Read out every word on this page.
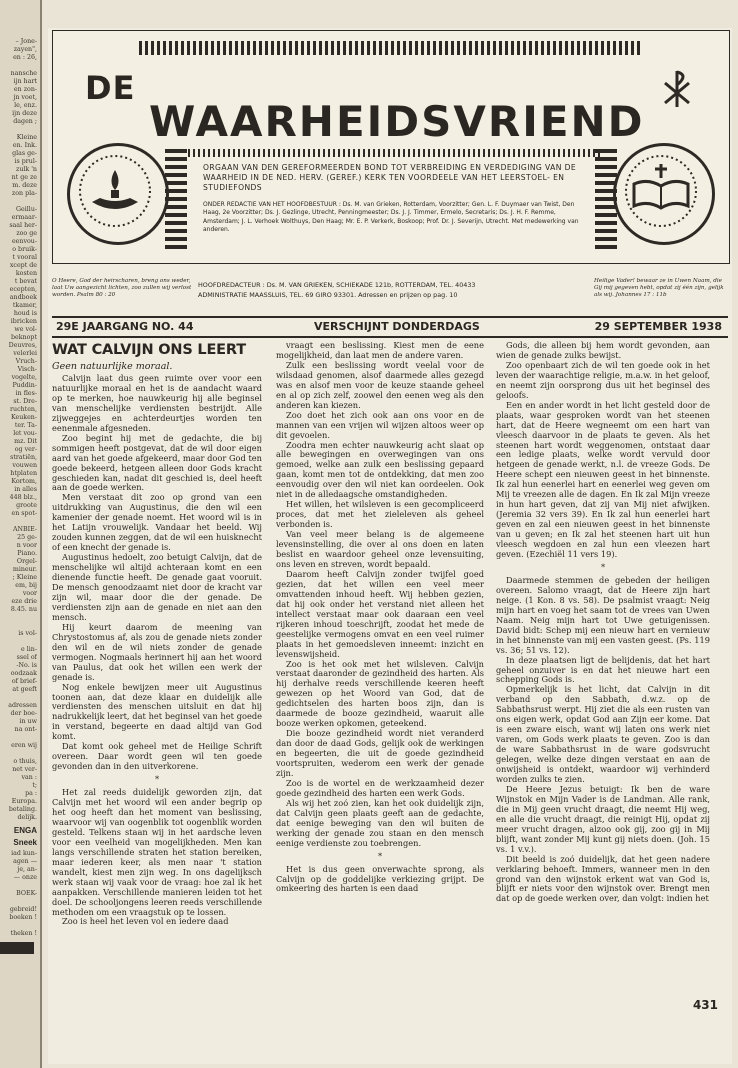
– Jone-
zayen",
en : 26,
nansche
ijn hart
en zon-
jn voet,
le, enz.
ijn deze
dagen ;
Kleine
en. Ink.
glas ge-
is prul-
zulk 'n
nt ge ze
m. deze
zon pla-
Geillu-
ermaar-
saal her-
zoo ge
eenvou-
o bruik-
t vooral
xcept de
kosten
t bevat
ecepten,
andboek
tkamer,
houd is
ibricken
we vol-
beknopt
Deuvres,
velerlei
Vruch-
Visch-
vogelte,
Puddin-
in fles-
st. Dre-
ruchten,
Keuken-
ter. Ta-
let vou-
mz. Dit
og ver-
stratiën,
vouwen
htplaten
Kortom,
in alles
448 blz.,
groote
en spot-
ANBIE-
25 ge-
n voor
Piano.
Orgel-
mineur.
; Kleine
em, bij
voor
eze drie
8.45. nu
is vol-
e lin-
ssel of
-No. is
oodzaak
of brief-
at geeft
adressen
der boe-
in uw
na ont-
eren wij
o thuis,
net ver-
van :
t;
pa :
Europa.
betaling.
delijk.
ENGA
Sneek
iad kun-
agen —
je, an-
— onze
BOEK-
gebreid!
boeken !
theken !
DE
WAARHEIDSVRIEND
ORGAAN VAN DEN GEREFORMEERDEN BOND TOT VERBREIDING EN VERDEDIGING VAN DE WAARHEID IN DE NED. HERV. (GEREF.) KERK TEN VOORDEELE VAN HET LEERSTOEL- EN STUDIEFONDS
ONDER REDACTIE VAN HET HOOFDBESTUUR : Ds. M. van Grieken, Rotterdam, Voorzitter; Gen. L. F. Duymaer van Twist, Den Haag, 2e Voorzitter; Ds. J. Gezlinge, Utrecht, Penningmeester; Ds. J. J. Timmer, Ermelo, Secretaris; Ds. J. H. F. Remme, Amsterdam; J. L. Verhoek Wolthuys, Den Haag; Mr. E. P. Verkerk, Boskoop; Prof. Dr. J. Severijn, Utrecht. Met medewerking van anderen.
O Heere, God der heirscharen, breng ons weder, laat Uw aangezicht lichten, zoo zullen wij verlost worden. Psalm 80 : 20
HOOFDREDACTEUR : Ds. M. VAN GRIEKEN, SCHIEKADE 121b, ROTTERDAM, TEL. 40433
ADMINISTRATIE MAASSLUIS, TEL. 69 GIRO 93301. Adressen en prijzen op pag. 10
Heilige Vader! bewaar ze in Uwen Naam, die Gij mij gegeven hebt, opdat zij één zijn, gelijk als wij. Johannes 17 : 11b
29E JAARGANG NO. 44	VERSCHIJNT DONDERDAGS	29 SEPTEMBER 1938
WAT CALVIJN ONS LEERT
Geen natuurlijke moraal.

Calvijn laat dus geen ruimte over voor een natuurlijke moraal en het is de aandacht waard op te merken, hoe nauwkeurig hij alle beginsel van menschelijke verdiensten bestrijdt. Alle zijweggejes en achterdeurtjes worden ten eenenmale afgesneden.

Zoo begint hij met de gedachte, die bij sommigen heeft postgevat, dat de wil door eigen aard van het goede afgekeerd, maar door God ten goede bekeerd, hetgeen alleen door Gods kracht geschieden kan, nadat dit geschied is, deel heeft aan de goede werken.

Men verstaat dit zoo op grond van een uitdrukking van Augustinus, die den wil een kamenier der genade noemt. Het woord wil is in het Latijn vrouwelijk. Vandaar het beeld. Wij zouden kunnen zeggen, dat de wil een huisknecht of een knecht der genade is.

Augustinus hedoelt, zoo betuigt Calvijn, dat de menschelijke wil altijd achteraan komt en een dienende functie heeft. De genade gaat vooruit. De mensch genoodzaamt niet door de kracht var zijn wil, maar door die der genade. De verdiensten zijn aan de genade en niet aan den mensch.

Hij keurt daarom de meening van Chrystostomus af, als zou de genade niets zonder den wil en de wil niets zonder de genade vermogen. Nogmaals herinnert hij aan het woord van Paulus, dat ook het willen een werk der genade is.

Nog enkele bewijzen meer uit Augustinus toonen aan, dat deze klaar en duidelijk alle verdiensten des menschen uitsluit en dat hij nadrukkelijk leert, dat het beginsel van het goede in verstand, begeerte en daad altijd van God komt.

Dat komt ook geheel met de Heilige Schrift overeen. Daar wordt geen wil ten goede gevonden dan in den uitverkorene.

*

Het zal reeds duidelijk geworden zijn, dat Calvijn met het woord wil een ander begrip op het oog heeft dan het moment van beslissing, waarvoor wij van oogenblik tot oogenblik worden gesteld. Telkens staan wij in het aardsche leven voor een veelheid van mogelijkheden. Men kan langs verschillende straten het station bereiken, maar iederen keer, als men naar 't station wandelt, kiest men zijn weg. In ons dagelijksch werk staan wij vaak voor de vraag: hoe zal ik het aanpakken. Verschillende manieren leiden tot het doel. De schooljongens leeren reeds verschillende methoden om een vraagstuk op te lossen.

Zoo is heel het leven vol en iedere daad

vraagt een beslissing. Kiest men de eene mogelijkheid, dan laat men de andere varen.

Zulk een beslissing wordt veelal voor de wilsdaad genomen, alsof daarmede alles gezegd was en alsof men voor de keuze staande geheel en al op zich zelf, zoowel den eenen weg als den anderen kan kiezen.

Zoo doet het zich ook aan ons voor en de mannen van een vrijen wil wijzen altoos weer op dit gevoelen.

Zoodra men echter nauwkeurig acht slaat op alle bewegingen en overwegingen van ons gemoed, welke aan zulk een beslissing gepaard gaan, komt men tot de ontdekking, dat men zoo eenvoudig over den wil niet kan oordeelen. Ook niet in de alledaagsche omstandigheden.

Het willen, het wilsleven is een gecompliceerd proces, dat met het zieleleven als geheel verbonden is.

Van veel meer belang is de algemeene levensinstelling, die over al ons doen en laten beslist en waardoor geheel onze levensuiting, ons leven en streven, wordt bepaald.

Daarom heeft Calvijn zonder twijfel goed gezien, dat het willen een veel meer omvattenden inhoud heeft. Wij hebben gezien, dat hij ook onder het verstand niet alleen het intellect verstaat maar ook daaraan een veel rijkeren inhoud toeschrijft, zoodat het mede de geestelijke vermogens omvat en een veel ruimer plaats in het gemoedsleven inneemt: inzicht en levenswijsheid.

Zoo is het ook met het wilsleven. Calvijn verstaat daaronder de gezindheid des harten. Als hij derhalve reeds verschillende keeren heeft gewezen op het Woord van God, dat de gedichtselen des harten boos zijn, dan is daarmede de booze gezindheid, waaruit alle booze werken opkomen, geteekend.

Die booze gezindheid wordt niet veranderd dan door de daad Gods, gelijk ook de werkingen en begeerten, die uit de goede gezindheid voortspruiten, wederom een werk der genade zijn.

Zoo is de wortel en de werkzaamheid dezer goede gezindheid des harten een werk Gods.

Als wij het zoó zien, kan het ook duidelijk zijn, dat Calvijn geen plaats geeft aan de gedachte, dat eenige beweging van den wil buiten de werking der genade zou staan en den mensch eenige verdienste zou toebrengen.

*

Het is dus geen onverwachte sprong, als Calvijn op de goddelijke verkiezing grijpt. De omkeering des harten is een daad

Gods, die alleen bij hem wordt gevonden, aan wien de genade zulks bewijst.

Zoo openbaart zich de wil ten goede ook in het leven der waarachtige religie, m.a.w. in het geloof, en neemt zijn oorsprong dus uit het beginsel des geloofs.

Een en ander wordt in het licht gesteld door de plaats, waar gesproken wordt van het steenen hart, dat de Heere wegneemt om een hart van vleesch daarvoor in de plaats te geven. Als het steenen hart wordt weggenomen, ontstaat daar een ledige plaats, welke wordt vervuld door hetgeen de genade werkt, n.l. de vreeze Gods. De Heere schept een nieuwen geest in het binnenste. Ik zal hun eenerlei hart en eenerlei weg geven om Mij te vreezen alle de dagen. En Ik zal Mijn vreeze in hun hart geven, dat zij van Mij niet afwijken. (Jeremia 32 vers 39). En Ik zal hun eenerlei hart geven en zal een nieuwen geest in het binnenste van u geven; en Ik zal het steenen hart uit hun vleesch wegdoen en zal hun een vleezen hart geven. (Ezechiël 11 vers 19).

*

Daarmede stemmen de gebeden der heiligen overeen. Salomo vraagt, dat de Heere zijn hart neige. (1 Kon. 8 vs. 58). De psalmist vraagt: Neig mijn hart en voeg het saam tot de vrees van Uwen Naam. Neig mijn hart tot Uwe getuigenissen. David bidt: Schep mij een nieuw hart en vernieuw in het binnenste van mij een vasten geest. (Ps. 119 vs. 36; 51 vs. 12).

In deze plaatsen ligt de belijdenis, dat het hart geheel onzuiver is en dat het nieuwe hart een schepping Gods is.

Opmerkelijk is het licht, dat Calvijn in dit verband op den Sabbath, d.w.z. op de Sabbathsrust werpt. Hij ziet die als een rusten van ons eigen werk, opdat God aan Zijn eer kome. Dat is een zware eisch, want wij laten ons werk niet varen, om Gods werk plaats te geven. Zoo is dan de ware Sabbathsrust in de ware godsvrucht gelegen, welke deze dingen verstaat en aan de onwijsheid is ontdekt, waardoor wij verhinderd worden zulks te zien.

De Heere Jezus betuigt: Ik ben de ware Wijnstok en Mijn Vader is de Landman. Alle rank, die in Mij geen vrucht draagt, die neemt Hij weg, en alle die vrucht draagt, die reinigt Hij, opdat zij meer vrucht dragen, alzoo ook gij, zoo gij in Mij blijft, want zonder Mij kunt gij niets doen. (Joh. 15 vs. 1 v.v.).

Dit beeld is zoó duidelijk, dat het geen nadere verklaring behoeft. Immers, wanneer men in den grond van den wijnstok erkent wat van God is, blijft er niets voor den wijnstok over. Brengt men dat op de goede werken over, dan volgt: indien het

431
